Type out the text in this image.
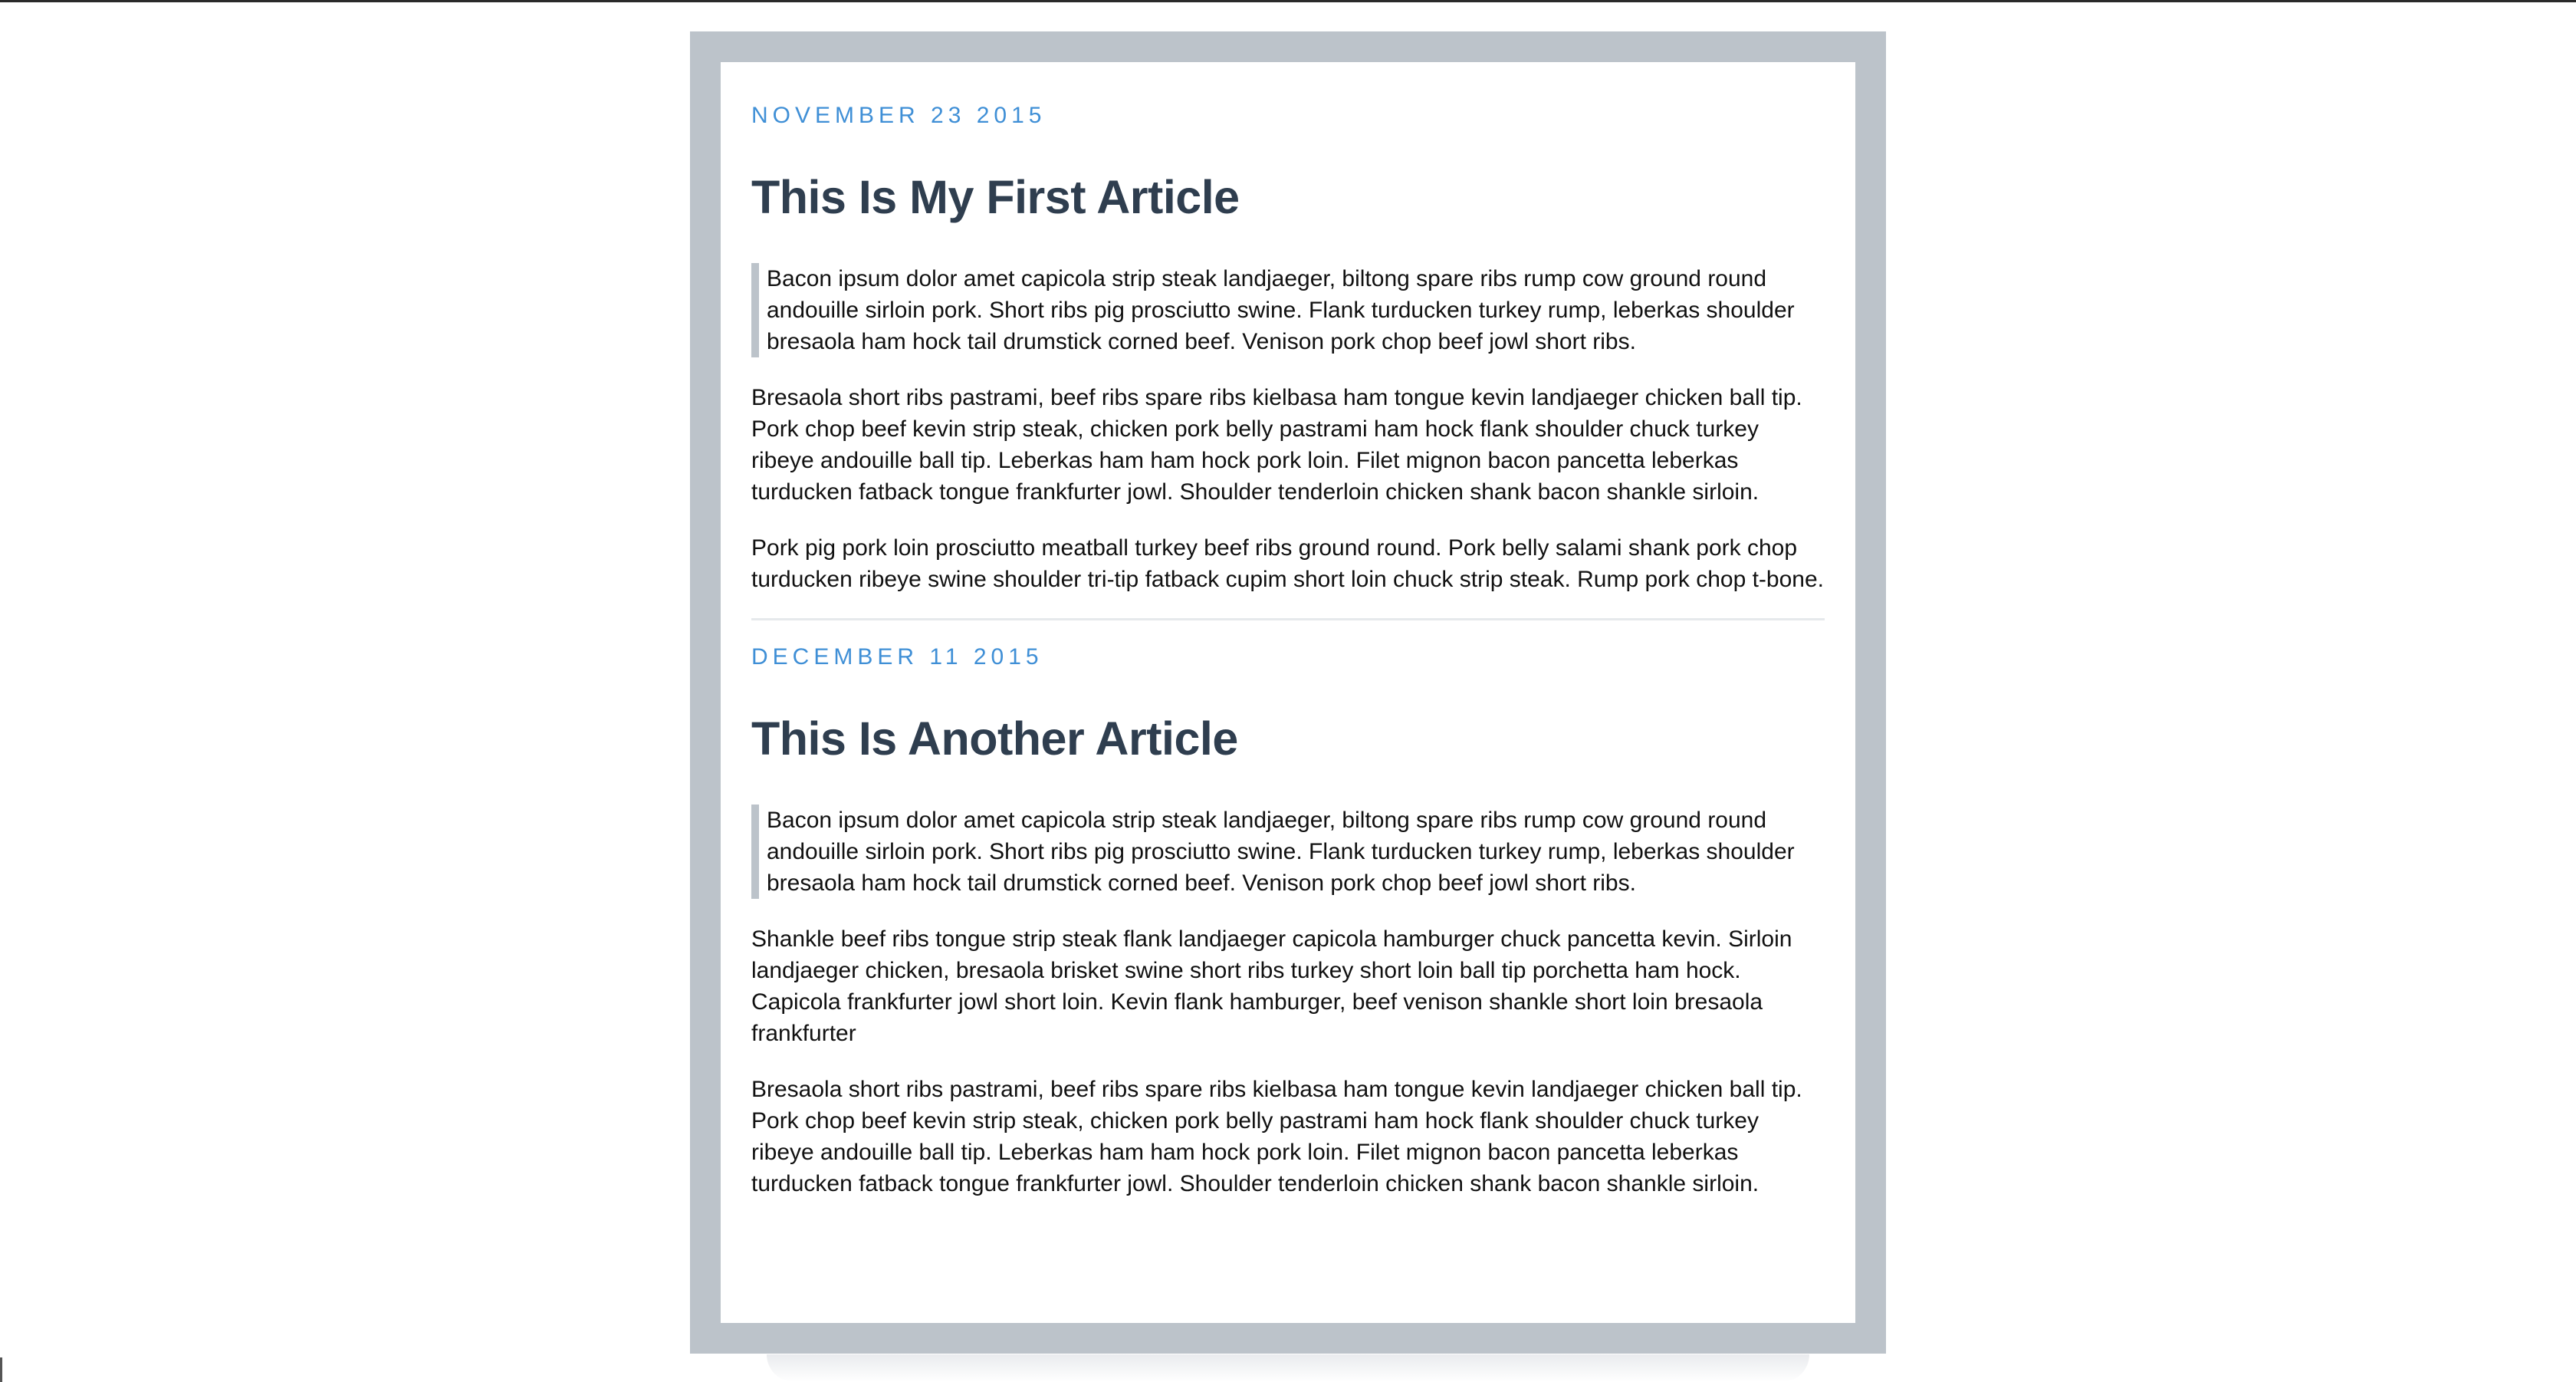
NOVEMBER 23 2015
This Is My First Article

Bacon ipsum dolor amet capicola strip steak landjaeger, biltong spare ribs rump cow ground round andouille sirloin pork. Short ribs pig prosciutto swine. Flank turducken turkey rump, leberkas shoulder bresaola ham hock tail drumstick corned beef. Venison pork chop beef jowl short ribs.

Bresaola short ribs pastrami, beef ribs spare ribs kielbasa ham tongue kevin landjaeger chicken ball tip. Pork chop beef kevin strip steak, chicken pork belly pastrami ham hock flank shoulder chuck turkey ribeye andouille ball tip. Leberkas ham ham hock pork loin. Filet mignon bacon pancetta leberkas turducken fatback tongue frankfurter jowl. Shoulder tenderloin chicken shank bacon shankle sirloin.

Pork pig pork loin prosciutto meatball turkey beef ribs ground round. Pork belly salami shank pork chop turducken ribeye swine shoulder tri-tip fatback cupim short loin chuck strip steak. Rump pork chop t-bone.

DECEMBER 11 2015
This Is Another Article

Bacon ipsum dolor amet capicola strip steak landjaeger, biltong spare ribs rump cow ground round andouille sirloin pork. Short ribs pig prosciutto swine. Flank turducken turkey rump, leberkas shoulder bresaola ham hock tail drumstick corned beef. Venison pork chop beef jowl short ribs.

Shankle beef ribs tongue strip steak flank landjaeger capicola hamburger chuck pancetta kevin. Sirloin landjaeger chicken, bresaola brisket swine short ribs turkey short loin ball tip porchetta ham hock. Capicola frankfurter jowl short loin. Kevin flank hamburger, beef venison shankle short loin bresaola frankfurter

Bresaola short ribs pastrami, beef ribs spare ribs kielbasa ham tongue kevin landjaeger chicken ball tip. Pork chop beef kevin strip steak, chicken pork belly pastrami ham hock flank shoulder chuck turkey ribeye andouille ball tip. Leberkas ham ham hock pork loin. Filet mignon bacon pancetta leberkas turducken fatback tongue frankfurter jowl. Shoulder tenderloin chicken shank bacon shankle sirloin.
